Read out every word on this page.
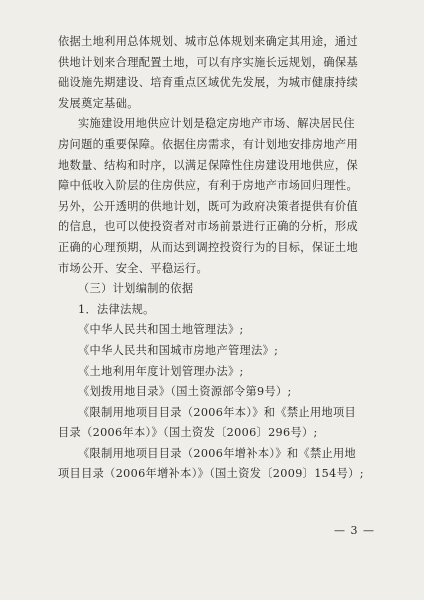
依据土地利用总体规划、城市总体规划来确定其用途，通过
供地计划来合理配置土地，可以有序实施长远规划，确保基
础设施先期建设、培育重点区域优先发展，为城市健康持续
发展奠定基础。
实施建设用地供应计划是稳定房地产市场、解决居民住
房问题的重要保障。依据住房需求，有计划地安排房地产用
地数量、结构和时序，以满足保障性住房建设用地供应，保
障中低收入阶层的住房供应，有利于房地产市场回归理性。
另外，公开透明的供地计划，既可为政府决策者提供有价值
的信息，也可以使投资者对市场前景进行正确的分析，形成
正确的心理预期，从而达到调控投资行为的目标，保证土地
市场公开、安全、平稳运行。
（三）计划编制的依据
1．法律法规。
《中华人民共和国土地管理法》;
《中华人民共和国城市房地产管理法》;
《土地利用年度计划管理办法》;
《划拨用地目录》（国土资源部令第9号）;
《限制用地项目目录（2006年本）》和《禁止用地项目
目录（2006年本）》（国土资发〔2006〕296号）;
《限制用地项目目录（2006年增补本）》和《禁止用地
项目目录（2006年增补本）》（国土资发〔2009〕154号）;
— 3 —
